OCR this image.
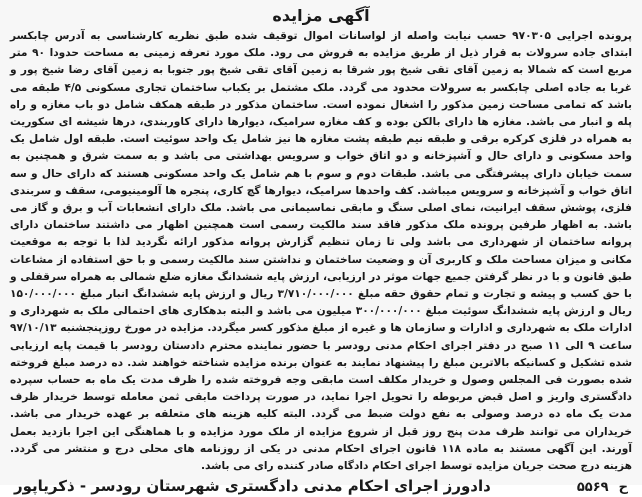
آگهی مزایده

پرونده اجرایی ۹۷۰۳۰۵ حسب نیابت واصله از لواسانات اموال توقیف شده طبق نظریه کارشناسی به آدرس چابکسر ابتدای جاده سرولات به قرار ذیل از طریق مزایده به فروش می رود. ملک مورد تعرفه زمینی به مساحت حدودا ۹۰ متر مربع است که شمالا به زمین آقای تقی شیخ پور شرقا به زمین آقای تقی شیخ پور جنوبا به زمین آقای رضا شیخ پور و غربا به جاده اصلی چابکسر به سرولات محدود می گردد. ملک مشتمل بر یکباب ساختمان تجاری مسکونی ۴/۵ طبقه می باشد که تمامی مساحت زمین مذکور را اشغال نموده است. ساختمان مذکور در طبقه همکف شامل دو باب مغازه و راه پله و انبار می باشد. مغازه ها دارای بالکن بوده و کف مغازه سرامیک، دیوارها دارای کاوربندی، درها شیشه ای سکوریت به همراه در فلزی کرکره برقی و طبقه نیم طبقه پشت مغازه ها نیز شامل یک واحد سوئیت است. طبقه اول شامل یک واحد مسکونی و دارای حال و آشپزخانه و دو اتاق خواب و سرویس بهداشتی می باشد و به سمت شرق و همچنین به سمت خیابان دارای پیشرفتگی می باشد. طبقات دوم و سوم با هم شامل یک واحد مسکونی هستند که دارای حال و سه اتاق خواب و آشپزخانه و سرویس میباشد. کف واحدها سرامیک، دیوارها گچ کاری، پنجره ها آلومینیومی، سقف و سربندی فلزی، پوشش سقف ایرانیت، نمای اصلی سنگ و مابقی نماسیمانی می باشد. ملک دارای انشعابات آب و برق و گاز می باشد. به اظهار طرفین پرونده ملک مذکور فاقد سند مالکیت رسمی است همچنین اظهار می داشتند ساختمان دارای پروانه ساختمان از شهرداری می باشد ولی تا زمان تنظیم گزارش پروانه مذکور ارائه نگردید لذا با توجه به موقعیت مکانی و میزان مساحت ملک و کاربری آن و وضعیت ساختمان و نداشتن سند مالکیت رسمی و با حق استفاده از مشاعات طبق قانون و با در نظر گرفتن جمیع جهات موثر در ارزیابی، ارزش پایه ششدانگ مغازه ضلع شمالی به همراه سرقفلی و با حق کسب و پیشه و تجارت و تمام حقوق حقه مبلغ ۳/۷۱۰/۰۰۰/۰۰۰ ریال و ارزش پایه ششدانگ انبار مبلغ ۱۵۰/۰۰۰/۰۰۰ ریال و ارزش پایه ششدانگ سوئیت مبلغ ۳۰۰/۰۰۰/۰۰۰ میلیون می باشد و البته بدهکاری های احتمالی ملک به شهرداری و ادارات ملک به شهرداری و ادارات و سازمان ها و غیره از مبلغ مذکور کسر میگردد. مزایده در مورخ روزپنجشنبه ۹۷/۱۰/۱۳ ساعت ۹ الی ۱۱ صبح در دفتر اجرای احکام مدنی رودسر با حضور نماینده محترم دادستان رودسر با قیمت پایه ارزیابی شده تشکیل و کسانیکه بالاترین مبلغ را پیشنهاد نمایند به عنوان برنده مزایده شناخته خواهند شد. ده درصد مبلغ فروخته شده بصورت فی المجلس وصول و خریدار مکلف است مابقی وجه فروخته شده را ظرف مدت یک ماه به حساب سپرده دادگستری واریز و اصل قبض مربوطه را تحویل اجرا نماید، در صورت پرداخت مابقی ثمن معامله توسط خریدار ظرف مدت یک ماه ده درصد وصولی به نفع دولت ضبط می گردد. البته کلیه هزینه های متعلقه بر عهده خریدار می باشد. خریداران می توانند ظرف مدت پنج روز قبل از شروع مزایده از ملک مورد مزایده و با هماهنگی این اجرا بازدید بعمل آورند. این آگهی مستند به ماده ۱۱۸ قانون اجرای احکام مدنی در یکی از روزنامه های محلی درج و منتشر می گردد. هزینه درج صحت جریان مزایده توسط اجرای احکام دادگاه صادر کننده رای می باشد.

ح۵۵۶۹
دادورز اجرای احکام مدنی دادگستری شهرستان رودسر - ذکریاپور
